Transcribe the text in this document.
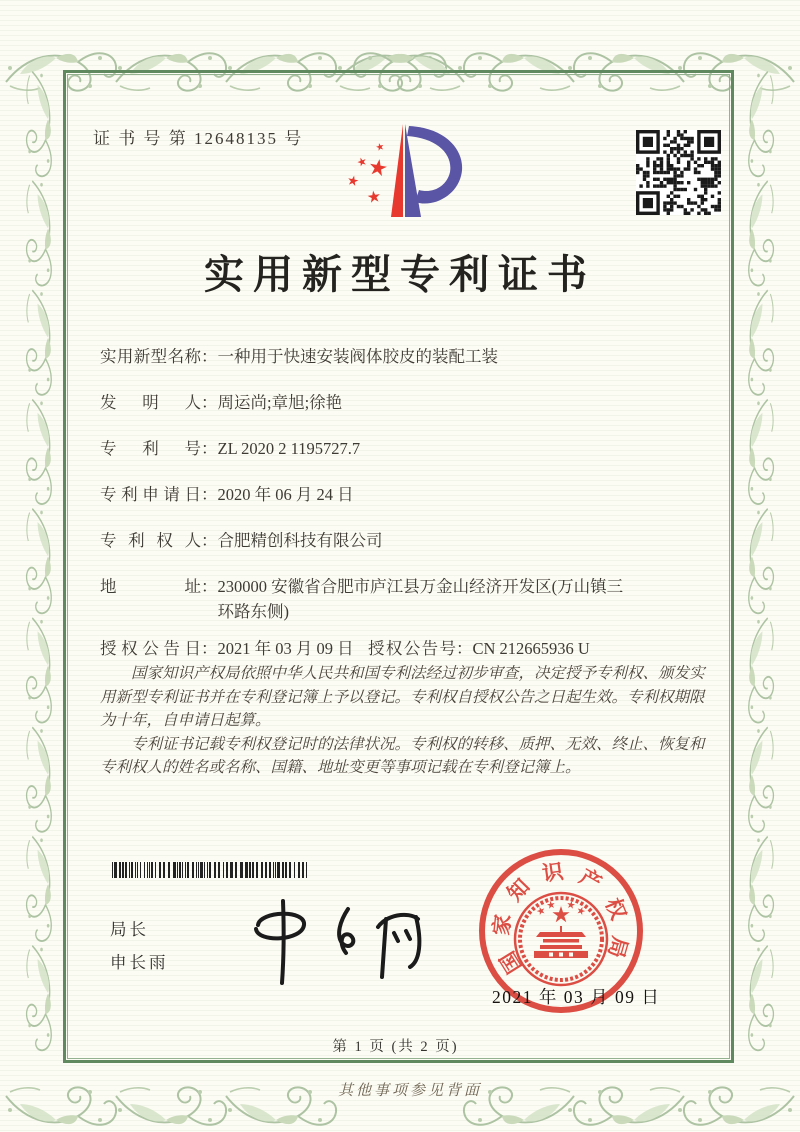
证 书 号 第 12648135 号
实用新型专利证书
实 用 新 型 名 称 ：一种用于快速安装阀体胶皮的装配工装
发 明 人 ：周运尚;章旭;徐艳
专 利 号 ：ZL 2020 2 1195727.7
专 利 申 请 日 ：2020 年 06 月 24 日
专 利 权 人 ：合肥精创科技有限公司
地	址 ：230000 安徽省合肥市庐江县万金山经济开发区(万山镇三环路东侧)
授 权 公 告 日 ：2021 年 03 月 09 日 授 权 公 告 号 ：CN 212665936 U

国家知识产权局依照中华人民共和国专利法经过初步审查，决定授予专利权、颁发实用新型专利证书并在专利登记簿上予以登记。专利权自授权公告之日起生效。专利权期限为十年，自申请日起算。

专利证书记载专利权登记时的法律状况。专利权的转移、质押、无效、终止、恢复和专利权人的姓名或名称、国籍、地址变更等事项记载在专利登记簿上。

局长
申长雨	国
家
知
识 产
权
局
2021 年 03 月 09 日
第 1 页 (共 2 页)
其他事项参见背面
